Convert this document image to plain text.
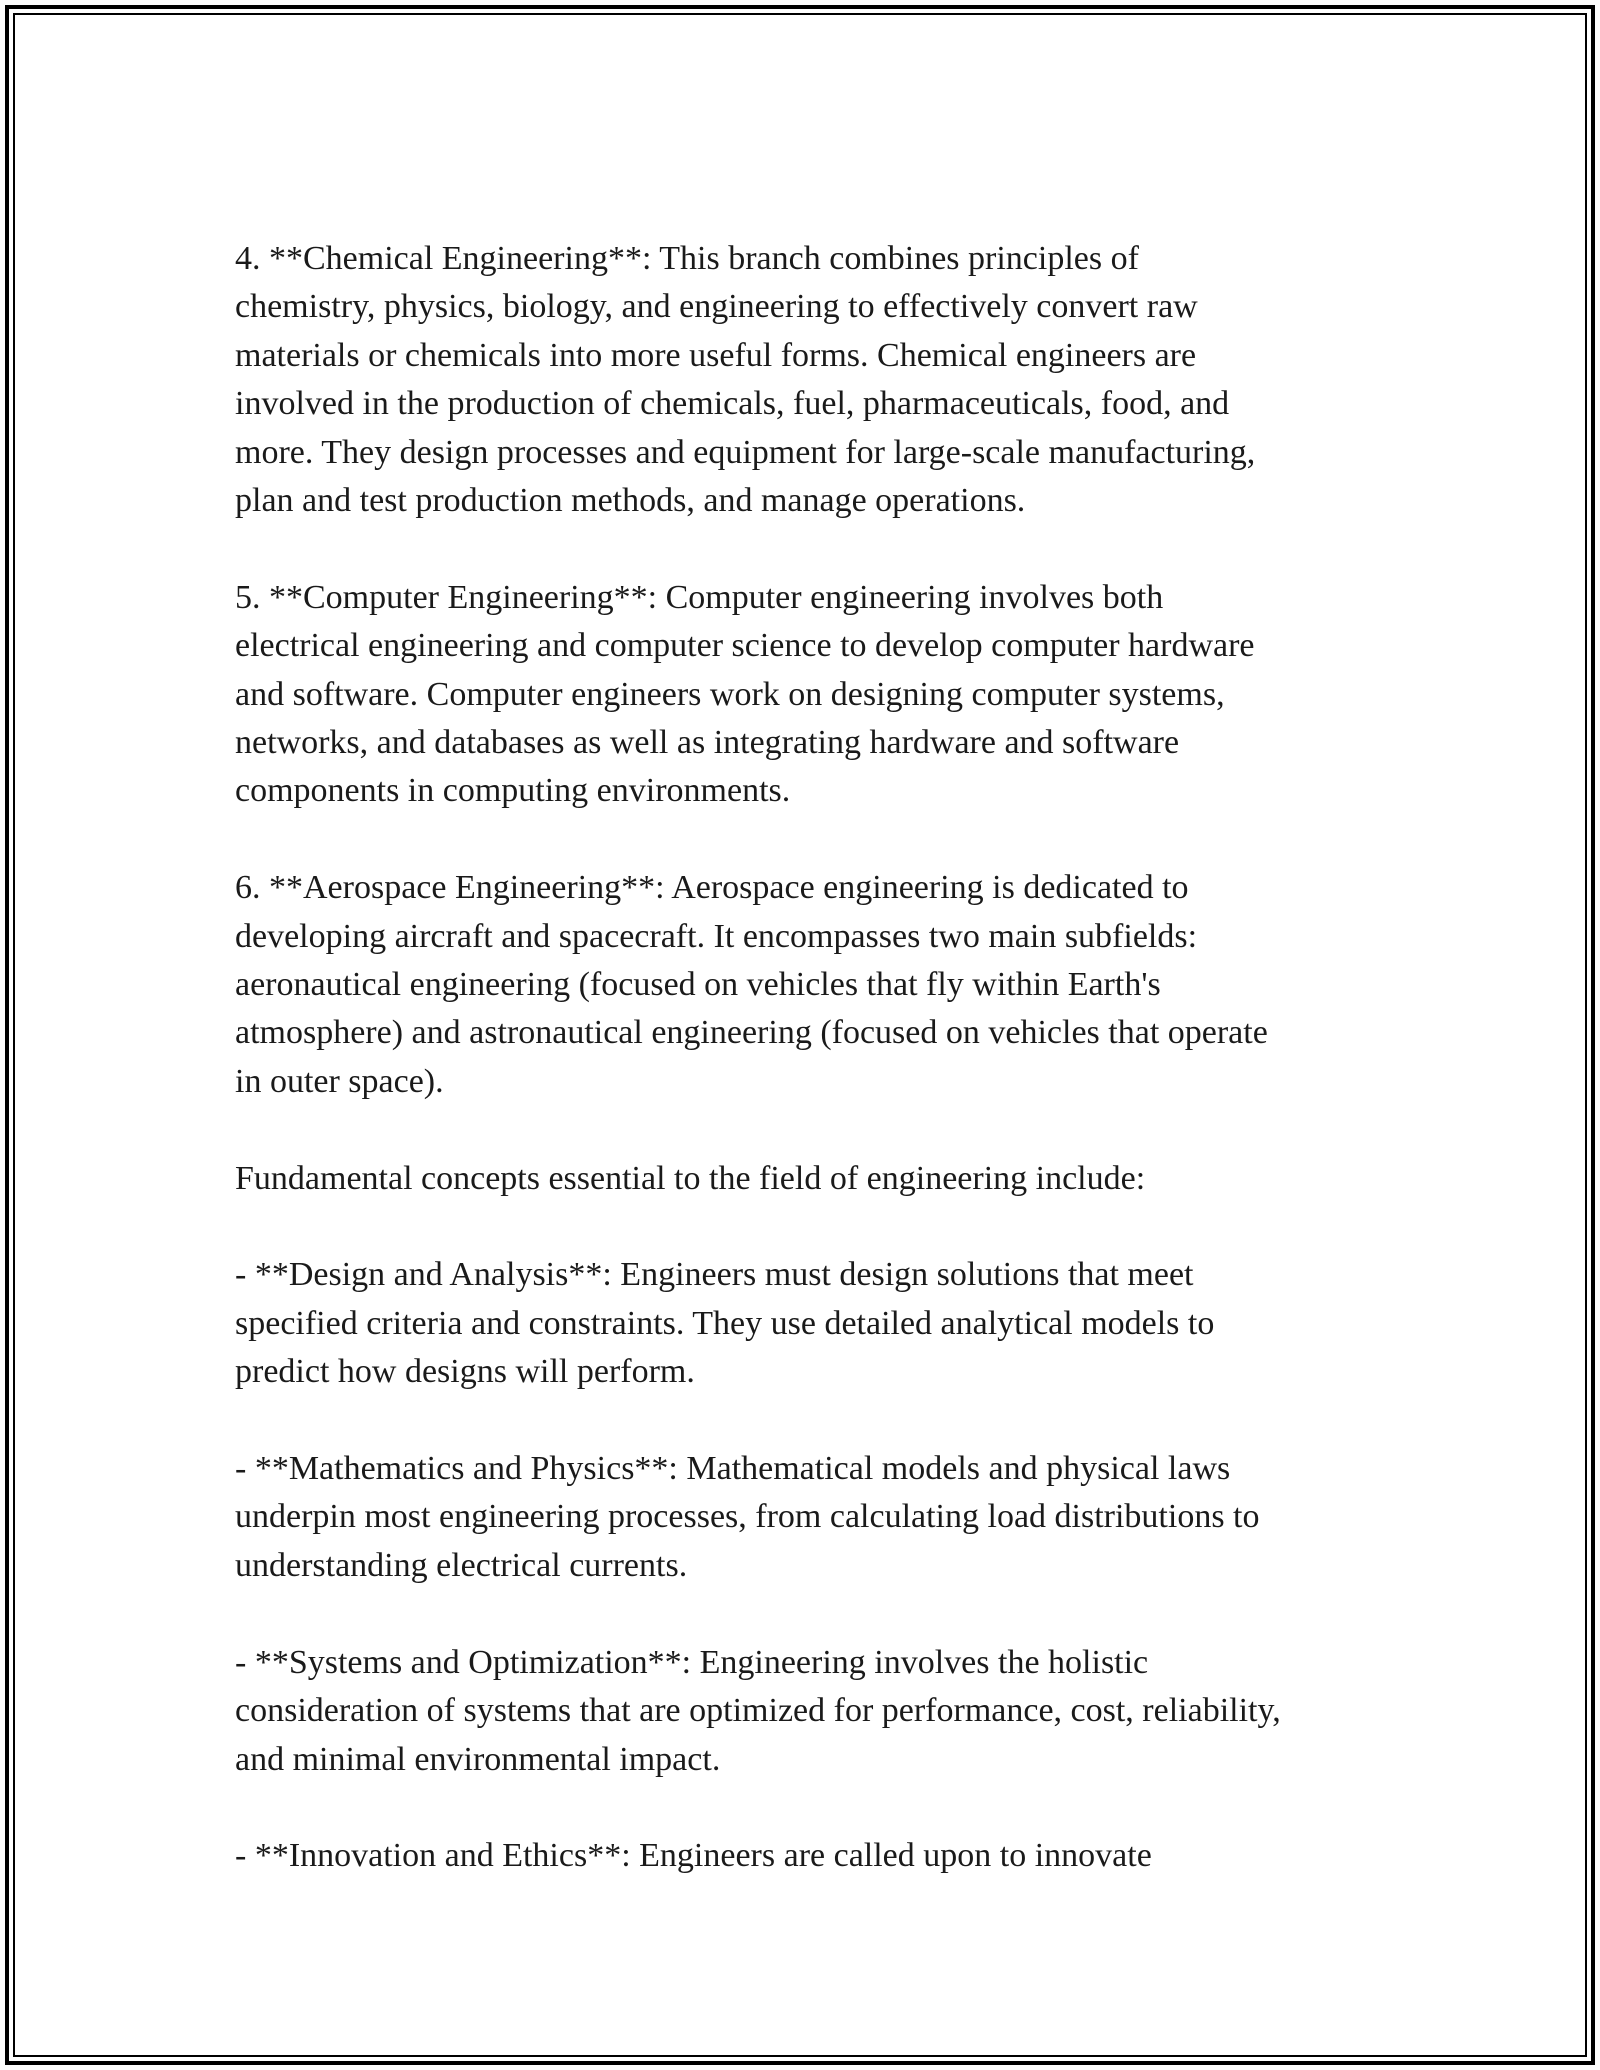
4. **Chemical Engineering**: This branch combines principles of
chemistry, physics, biology, and engineering to effectively convert raw
materials or chemicals into more useful forms. Chemical engineers are
involved in the production of chemicals, fuel, pharmaceuticals, food, and
more. They design processes and equipment for large-scale manufacturing,
plan and test production methods, and manage operations.

5. **Computer Engineering**: Computer engineering involves both
electrical engineering and computer science to develop computer hardware
and software. Computer engineers work on designing computer systems,
networks, and databases as well as integrating hardware and software
components in computing environments.

6. **Aerospace Engineering**: Aerospace engineering is dedicated to
developing aircraft and spacecraft. It encompasses two main subfields:
aeronautical engineering (focused on vehicles that fly within Earth's
atmosphere) and astronautical engineering (focused on vehicles that operate
in outer space).

Fundamental concepts essential to the field of engineering include:

- **Design and Analysis**: Engineers must design solutions that meet
specified criteria and constraints. They use detailed analytical models to
predict how designs will perform.

- **Mathematics and Physics**: Mathematical models and physical laws
underpin most engineering processes, from calculating load distributions to
understanding electrical currents.

- **Systems and Optimization**: Engineering involves the holistic
consideration of systems that are optimized for performance, cost, reliability,
and minimal environmental impact.

- **Innovation and Ethics**: Engineers are called upon to innovate
